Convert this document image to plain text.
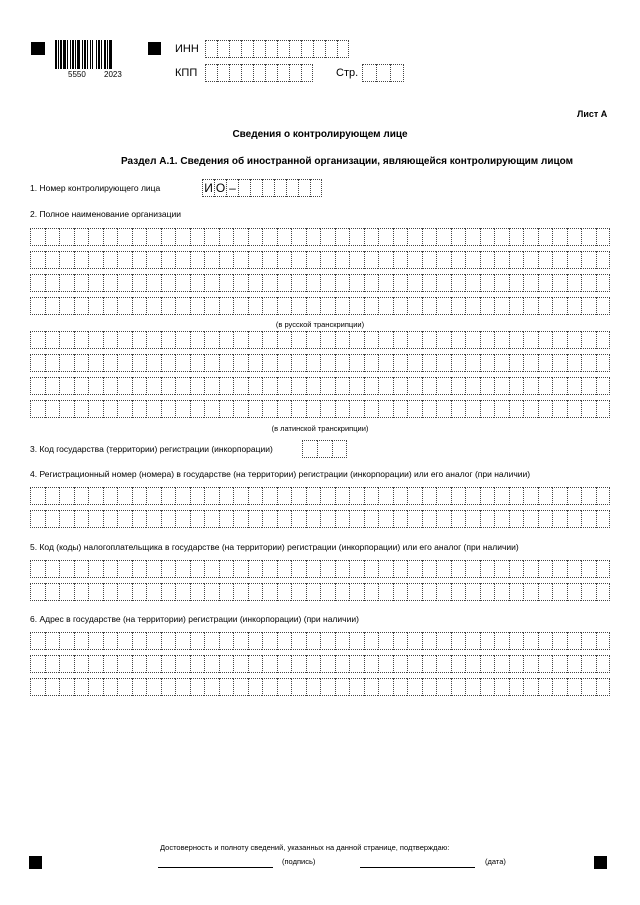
5550 2023
ИНН
КПП	Стр.
Лист А
Сведения о контролирующем лице
Раздел А.1. Сведения об иностранной организации, являющейся контролирующим лицом
1. Номер контролирующего лица	И О –
2. Полное наименование организации
(в русской транскрипции)
(в латинской транскрипции)
3. Код государства (территории) регистрации (инкорпорации)
4. Регистрационный номер (номера) в государстве (на территории) регистрации (инкорпорации) или его аналог (при наличии)
5. Код (коды) налогоплательщика в государстве (на территории) регистрации (инкорпорации) или его аналог (при наличии)
6. Адрес в государстве (на территории) регистрации (инкорпорации) (при наличии)
Достоверность и полноту сведений, указанных на данной странице, подтверждаю:
(подпись)	(дата)
